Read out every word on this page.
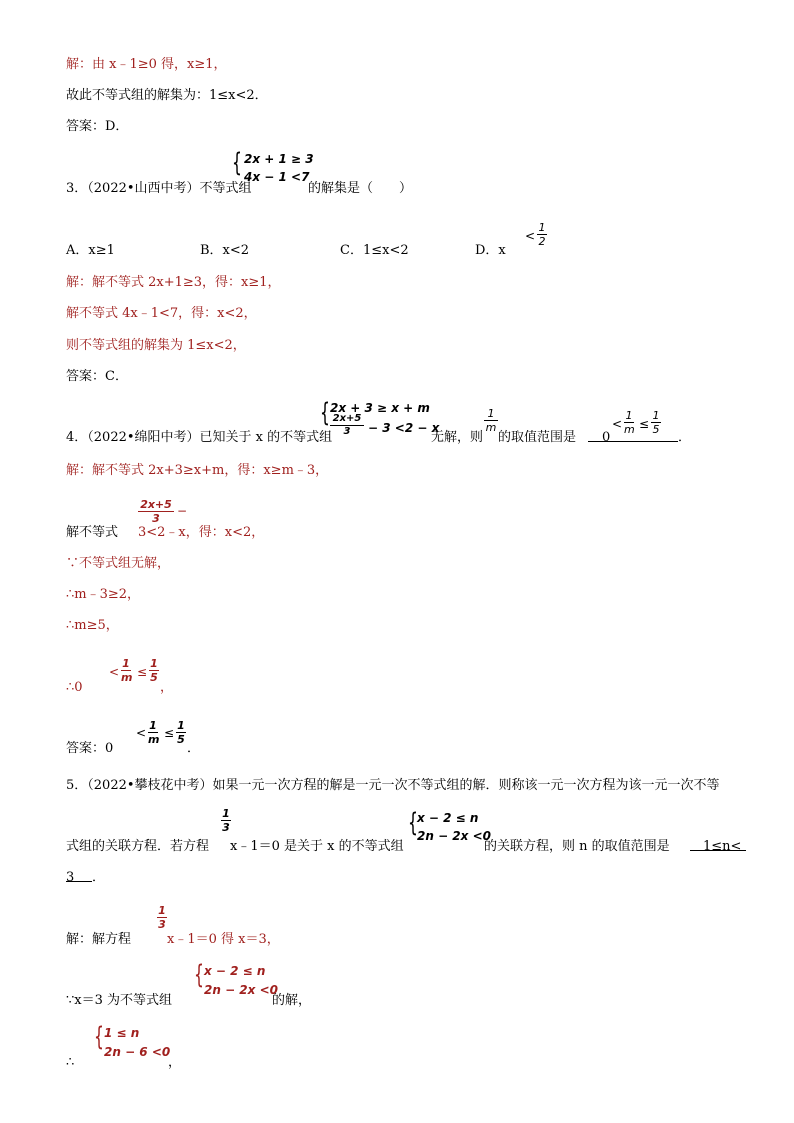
解：由 x﹣1≥0 得，x≥1，
故此不等式组的解集为：1≤x<2．
答案：D．
3．（2022•山西中考）不等式组
{ 2x + 1 ≥ 3
4x − 1 <7
的解集是（　　）
A．x≥1	B．x<2	C．1≤x<2	D．x
<
1
2
解：解不等式 2x+1≥3，得：x≥1，
解不等式 4x﹣1<7，得：x<2，
则不等式组的解集为 1≤x<2，
答案：C．
4．（2022•绵阳中考）已知关于 x 的不等式组
{ 2x + 3 ≥ x + m
2x+5
3	− 3 <2 − x
无解，则
1
m
的取值范围是 0
<
1
m ≤
1
5
．
解：解不等式 2x+3≥x+m，得：x≥m﹣3，
解不等式
2x+5
3
−
3<2﹣x，得：x<2，
∵不等式组无解，
∴m﹣3≥2，
∴m≥5，
∴0
<
1
m ≤
1
5
，
答案：0
<
1
m ≤
1
5
．
5．（2022•攀枝花中考）如果一元一次方程的解是一元一次不等式组的解．则称该一元一次方程为该一元一次不等
式组的关联方程．若方程
1
3
x﹣1＝0 是关于 x 的不等式组
{ x − 2 ≤ n
2n − 2x <0
的关联方程，则 n 的取值范围是	1≤n<
3 ．
解：解方程
1
3
x﹣1＝0 得 x＝3，
∵x＝3 为不等式组
{ x − 2 ≤ n
2n − 2x <0
的解，
∴
{ 1 ≤ n
2n − 6 <0
，
